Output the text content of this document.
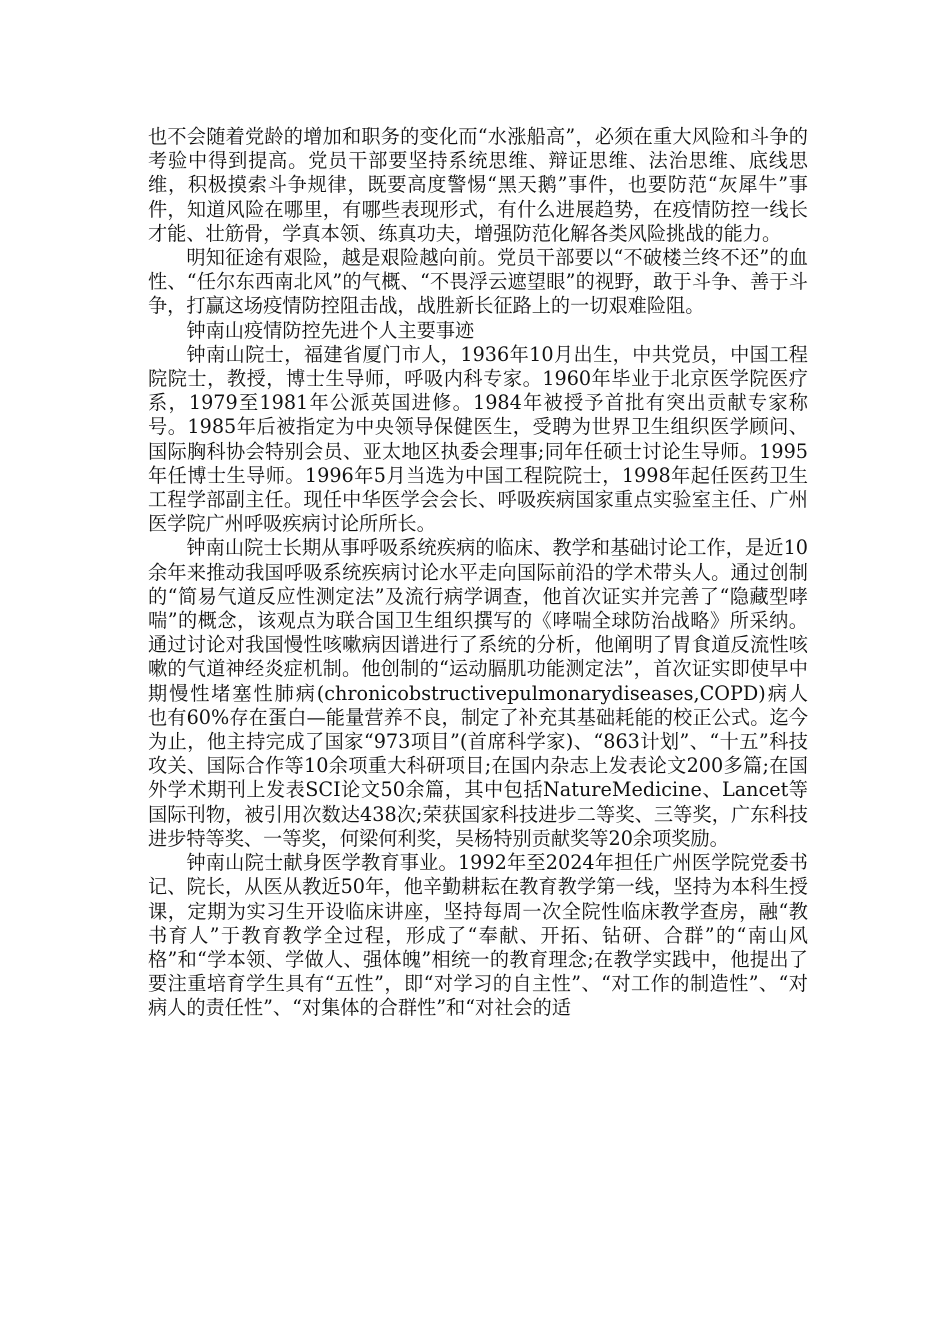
也不会随着党龄的增加和职务的变化而“水涨船高”，必须在重大风险和斗争的考验中得到提高。党员干部要坚持系统思维、辩证思维、法治思维、底线思维，积极摸索斗争规律，既要高度警惕“黑天鹅”事件，也要防范“灰犀牛”事件，知道风险在哪里，有哪些表现形式，有什么进展趋势，在疫情防控一线长才能、壮筋骨，学真本领、练真功夫，增强防范化解各类风险挑战的能力。

明知征途有艰险，越是艰险越向前。党员干部要以“不破楼兰终不还”的血性、“任尔东西南北风”的气概、“不畏浮云遮望眼”的视野，敢于斗争、善于斗争，打赢这场疫情防控阻击战，战胜新长征路上的一切艰难险阻。

钟南山疫情防控先进个人主要事迹

钟南山院士，福建省厦门市人，1936年10月出生，中共党员，中国工程院院士，教授，博士生导师，呼吸内科专家。1960年毕业于北京医学院医疗系，1979至1981年公派英国进修。1984年被授予首批有突出贡献专家称号。1985年后被指定为中央领导保健医生，受聘为世界卫生组织医学顾问、国际胸科协会特别会员、亚太地区执委会理事;同年任硕士讨论生导师。1995年任博士生导师。1996年5月当选为中国工程院院士，1998年起任医药卫生工程学部副主任。现任中华医学会会长、呼吸疾病国家重点实验室主任、广州医学院广州呼吸疾病讨论所所长。

钟南山院士长期从事呼吸系统疾病的临床、教学和基础讨论工作，是近10余年来推动我国呼吸系统疾病讨论水平走向国际前沿的学术带头人。通过创制的“简易气道反应性测定法”及流行病学调查，他首次证实并完善了“隐藏型哮喘”的概念，该观点为联合国卫生组织撰写的《哮喘全球防治战略》所采纳。通过讨论对我国慢性咳嗽病因谱进行了系统的分析，他阐明了胃食道反流性咳嗽的气道神经炎症机制。他创制的“运动膈肌功能测定法”，首次证实即使早中期慢性堵塞性肺病(chronicobstructivepulmonarydiseases,COPD)病人也有60%存在蛋白—能量营养不良，制定了补充其基础耗能的校正公式。迄今为止，他主持完成了国家“973项目”(首席科学家)、“863计划”、“十五”科技攻关、国际合作等10余项重大科研项目;在国内杂志上发表论文200多篇;在国外学术期刊上发表SCI论文50余篇，其中包括NatureMedicine、Lancet等国际刊物，被引用次数达438次;荣获国家科技进步二等奖、三等奖，广东科技进步特等奖、一等奖，何梁何利奖，吴杨特别贡献奖等20余项奖励。

钟南山院士献身医学教育事业。1992年至2024年担任广州医学院党委书记、院长，从医从教近50年，他辛勤耕耘在教育教学第一线，坚持为本科生授课，定期为实习生开设临床讲座，坚持每周一次全院性临床教学查房，融“教书育人”于教育教学全过程，形成了“奉献、开拓、钻研、合群”的“南山风格”和“学本领、学做人、强体魄”相统一的教育理念;在教学实践中，他提出了要注重培育学生具有“五性”，即“对学习的自主性”、“对工作的制造性”、“对病人的责任性”、“对集体的合群性”和“对社会的适
